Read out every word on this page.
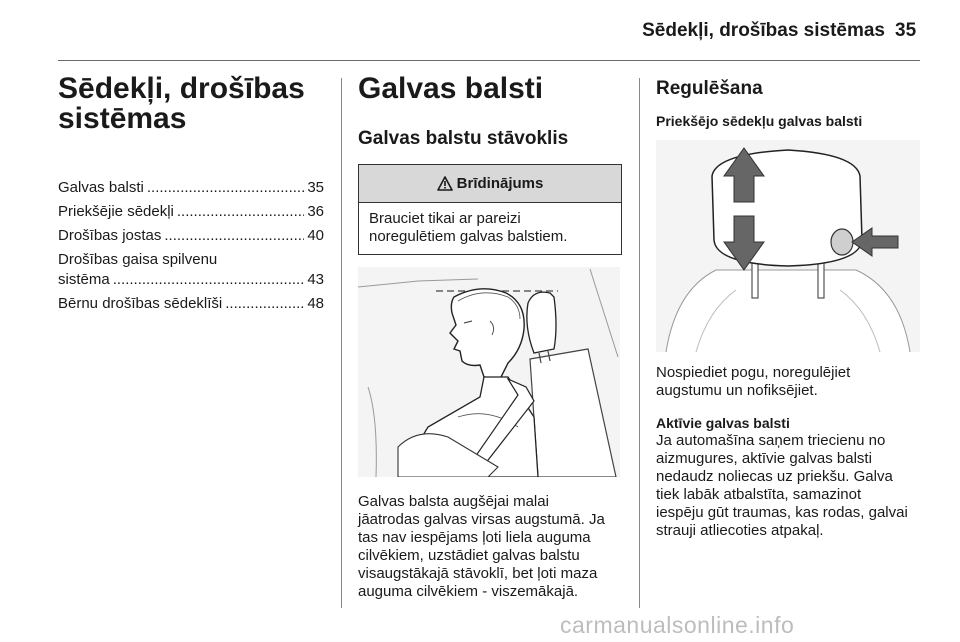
Sēdekļi, drošības sistēmas 35
Sēdekļi, drošības
sistēmas
Galvas balsti .....	35
Priekšējie sēdekļi .....	36
Drošības jostas .....	40
Drošības gaisa spilvenu
sistēma .....	43
Bērnu drošības sēdeklīši .....	48
Galvas balsti
Galvas balstu stāvoklis
Brīdinājums
Brauciet tikai ar pareizi
noregulētiem galvas balstiem.
Galvas balsta augšējai malai
jāatrodas galvas virsas augstumā. Ja
tas nav iespējams ļoti liela auguma
cilvēkiem, uzstādiet galvas balstu
visaugstākajā stāvoklī, bet ļoti maza
auguma cilvēkiem - viszemākajā.
Regulēšana
Priekšējo sēdekļu galvas balsti
Nospiediet pogu, noregulējiet
augstumu un nofiksējiet.
Aktīvie galvas balsti
Ja automašīna saņem triecienu no
aizmugures, aktīvie galvas balsti
nedaudz noliecas uz priekšu. Galva
tiek labāk atbalstīta, samazinot
iespēju gūt traumas, kas rodas, galvai
strauji atliecoties atpakaļ.
carmanualsonline.info
